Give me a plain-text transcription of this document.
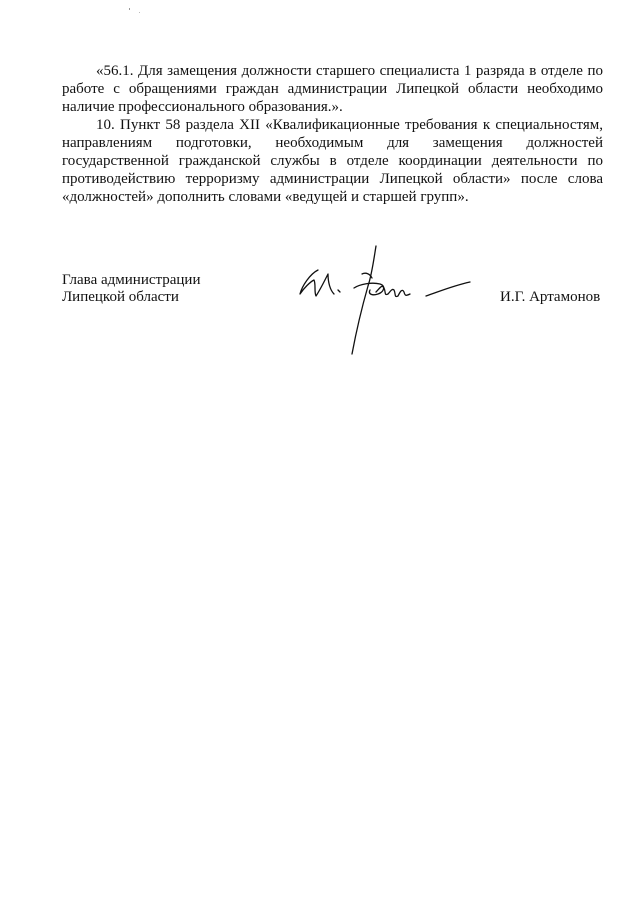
«56.1. Для замещения должности старшего специалиста 1 разряда в отделе по работе с обращениями граждан администрации Липецкой области необходимо наличие профессионального образования.».

10. Пункт 58 раздела XII «Квалификационные требования к специальностям, направлениям подготовки, необходимым для замещения должностей государственной гражданской службы в отделе координации деятельности по противодействию терроризму администрации Липецкой области» после слова «должностей» дополнить словами «ведущей и старшей групп».

Глава администрации
Липецкой области	И.Г. Артамонов
